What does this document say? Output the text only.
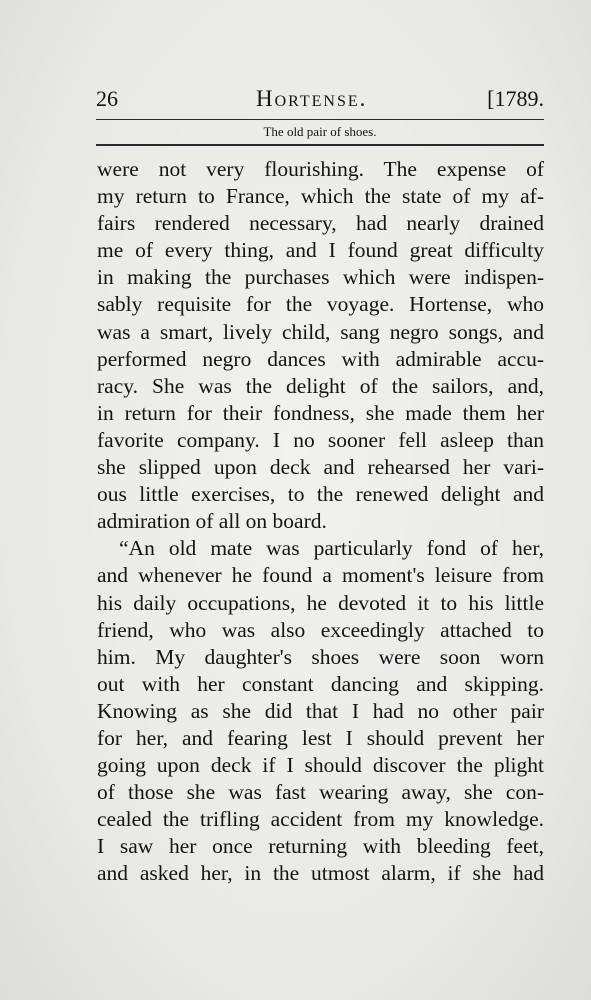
26	Hortense.	[1789.
The old pair of shoes.
were not very flourishing. The expense of
my return to France, which the state of my af-
fairs rendered necessary, had nearly drained
me of every thing, and I found great difficulty
in making the purchases which were indispen-
sably requisite for the voyage. Hortense, who
was a smart, lively child, sang negro songs, and
performed negro dances with admirable accu-
racy. She was the delight of the sailors, and,
in return for their fondness, she made them her
favorite company. I no sooner fell asleep than
she slipped upon deck and rehearsed her vari-
ous little exercises, to the renewed delight and
admiration of all on board.
“An old mate was particularly fond of her,
and whenever he found a moment's leisure from
his daily occupations, he devoted it to his little
friend, who was also exceedingly attached to
him. My daughter's shoes were soon worn
out with her constant dancing and skipping.
Knowing as she did that I had no other pair
for her, and fearing lest I should prevent her
going upon deck if I should discover the plight
of those she was fast wearing away, she con-
cealed the trifling accident from my knowledge.
I saw her once returning with bleeding feet,
and asked her, in the utmost alarm, if she had
